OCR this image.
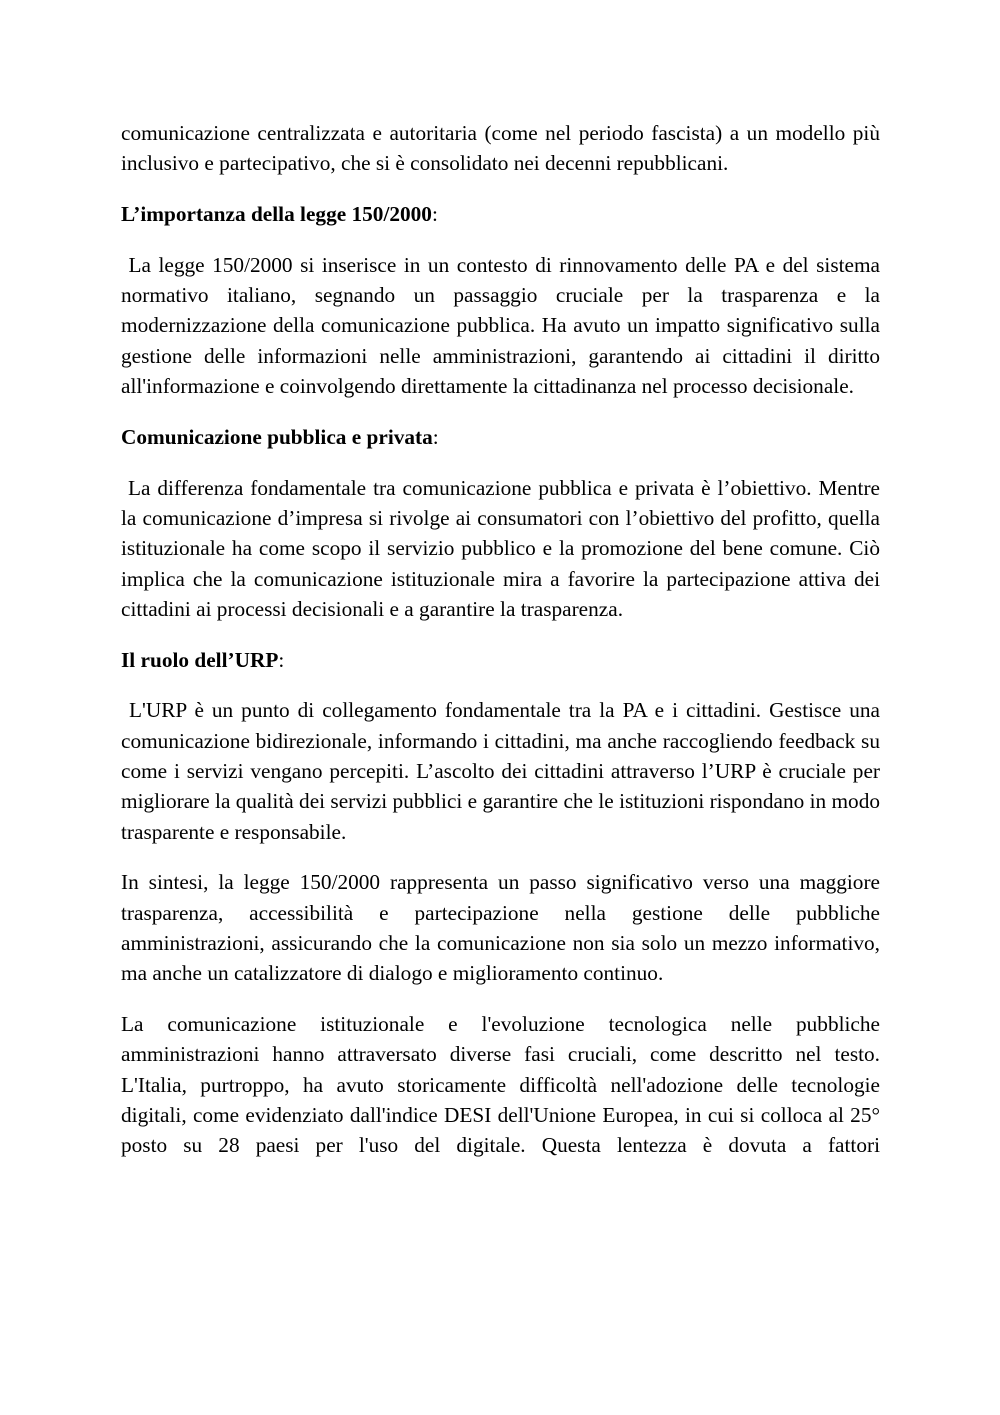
comunicazione centralizzata e autoritaria (come nel periodo fascista) a un modello più inclusivo e partecipativo, che si è consolidato nei decenni repubblicani.

L’importanza della legge 150/2000:

La legge 150/2000 si inserisce in un contesto di rinnovamento delle PA e del sistema normativo italiano, segnando un passaggio cruciale per la trasparenza e la modernizzazione della comunicazione pubblica. Ha avuto un impatto significativo sulla gestione delle informazioni nelle amministrazioni, garantendo ai cittadini il diritto all'informazione e coinvolgendo direttamente la cittadinanza nel processo decisionale.

Comunicazione pubblica e privata:

La differenza fondamentale tra comunicazione pubblica e privata è l’obiettivo. Mentre la comunicazione d’impresa si rivolge ai consumatori con l’obiettivo del profitto, quella istituzionale ha come scopo il servizio pubblico e la promozione del bene comune. Ciò implica che la comunicazione istituzionale mira a favorire la partecipazione attiva dei cittadini ai processi decisionali e a garantire la trasparenza.

Il ruolo dell’URP:

L'URP è un punto di collegamento fondamentale tra la PA e i cittadini. Gestisce una comunicazione bidirezionale, informando i cittadini, ma anche raccogliendo feedback su come i servizi vengano percepiti. L’ascolto dei cittadini attraverso l’URP è cruciale per migliorare la qualità dei servizi pubblici e garantire che le istituzioni rispondano in modo trasparente e responsabile.

In sintesi, la legge 150/2000 rappresenta un passo significativo verso una maggiore trasparenza, accessibilità e partecipazione nella gestione delle pubbliche amministrazioni, assicurando che la comunicazione non sia solo un mezzo informativo, ma anche un catalizzatore di dialogo e miglioramento continuo.

La comunicazione istituzionale e l'evoluzione tecnologica nelle pubbliche amministrazioni hanno attraversato diverse fasi cruciali, come descritto nel testo. L'Italia, purtroppo, ha avuto storicamente difficoltà nell'adozione delle tecnologie digitali, come evidenziato dall'indice DESI dell'Unione Europea, in cui si colloca al 25° posto su 28 paesi per l'uso del digitale. Questa lentezza è dovuta a fattori
